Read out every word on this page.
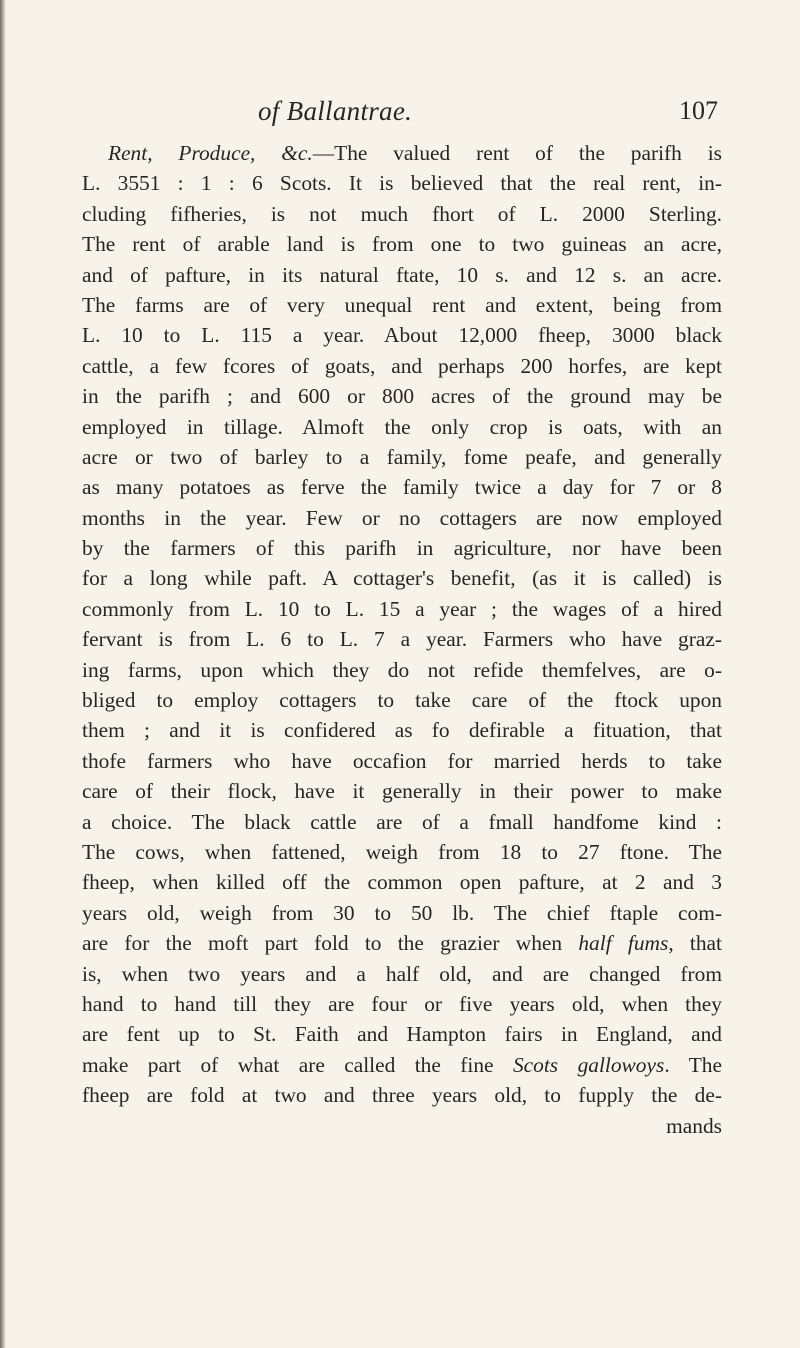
of Ballantrae.	107
Rent, Produce, &c.—The valued rent of the parifh is
L. 3551 : 1 : 6 Scots. It is believed that the real rent, in-
cluding fifheries, is not much fhort of L. 2000 Sterling.
The rent of arable land is from one to two guineas an acre,
and of pafture, in its natural ftate, 10 s. and 12 s. an acre.
The farms are of very unequal rent and extent, being from
L. 10 to L. 115 a year. About 12,000 fheep, 3000 black
cattle, a few fcores of goats, and perhaps 200 horfes, are kept
in the parifh ; and 600 or 800 acres of the ground may be
employed in tillage. Almoft the only crop is oats, with an
acre or two of barley to a family, fome peafe, and generally
as many potatoes as ferve the family twice a day for 7 or 8
months in the year. Few or no cottagers are now employed
by the farmers of this parifh in agriculture, nor have been
for a long while paft. A cottager's benefit, (as it is called) is
commonly from L. 10 to L. 15 a year ; the wages of a hired
fervant is from L. 6 to L. 7 a year. Farmers who have graz-
ing farms, upon which they do not refide themfelves, are o-
bliged to employ cottagers to take care of the ftock upon
them ; and it is confidered as fo defirable a fituation, that
thofe farmers who have occafion for married herds to take
care of their flock, have it generally in their power to make
a choice. The black cattle are of a fmall handfome kind :
The cows, when fattened, weigh from 18 to 27 ftone. The
fheep, when killed off the common open pafture, at 2 and 3
years old, weigh from 30 to 50 lb. The chief ftaple com-
are for the moft part fold to the grazier when half fums, that
is, when two years and a half old, and are changed from
hand to hand till they are four or five years old, when they
are fent up to St. Faith and Hampton fairs in England, and
make part of what are called the fine Scots gallowoys. The
fheep are fold at two and three years old, to fupply the de-
mands
